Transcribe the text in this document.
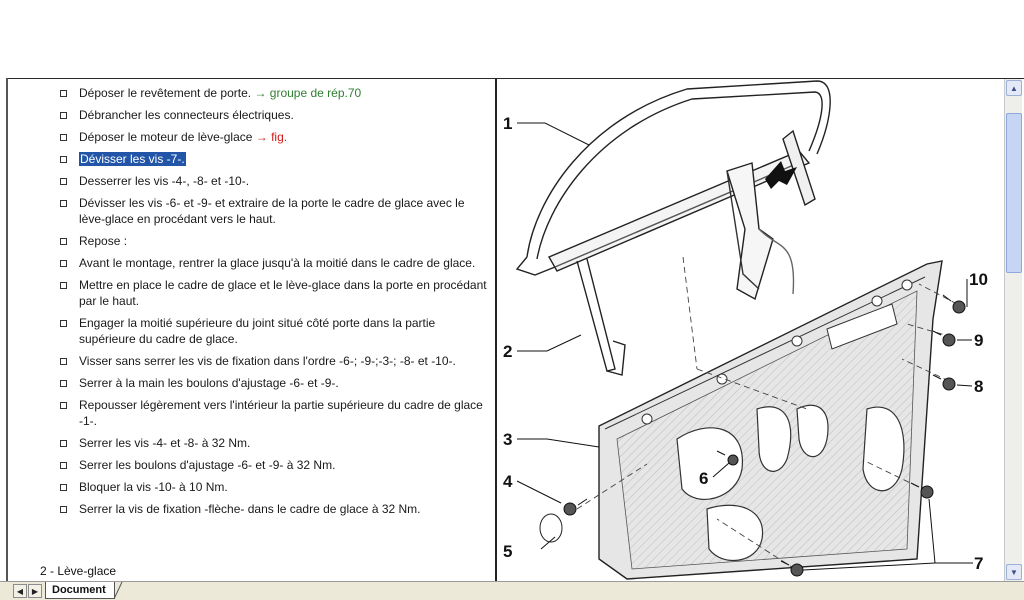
Déposer le revêtement de porte. → groupe de rép.70
Débrancher les connecteurs électriques.
Déposer le moteur de lève-glace → fig.
Dévisser les vis -7-.
Desserrer les vis -4-, -8- et -10-.
Dévisser les vis -6- et -9- et extraire de la porte le cadre de glace avec le lève-glace en procédant vers le haut.
Repose :
Avant le montage, rentrer la glace jusqu'à la moitié dans le cadre de glace.
Mettre en place le cadre de glace et le lève-glace dans la porte en procédant par le haut.
Engager la moitié supérieure du joint situé côté porte dans la partie supérieure du cadre de glace.
Visser sans serrer les vis de fixation dans l'ordre -6-; -9-;-3-; -8- et -10-.
Serrer à la main les boulons d'ajustage -6- et -9-.
Repousser légèrement vers l'intérieur la partie supérieure du cadre de glace -1-.
Serrer les vis -4- et -8- à 32 Nm.
Serrer les boulons d'ajustage -6- et -9- à 32 Nm.
Bloquer la vis -10- à 10 Nm.
Serrer la vis de fixation -flèche- dans le cadre de glace à 32 Nm.
2 - Lève-glace
1
2
3
4
5
6
7
8
9
10
▲
▼
◀	▶	Document
